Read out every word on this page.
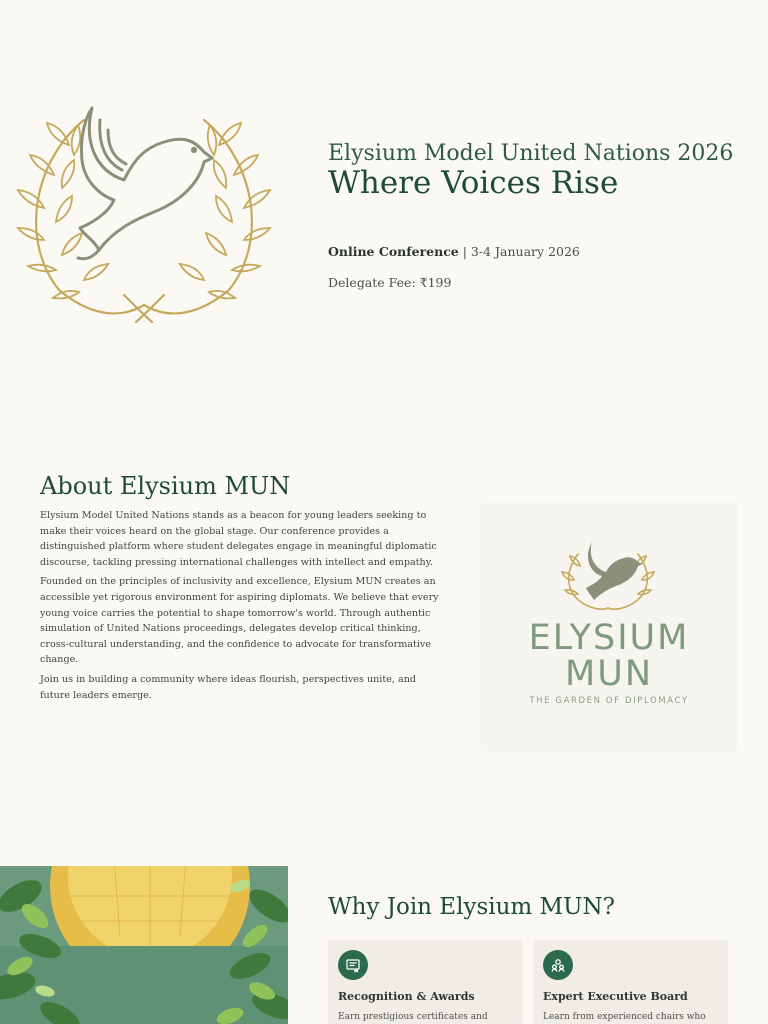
Elysium Model United Nations 2026
Where Voices Rise
Online Conference | 3-4 January 2026
Delegate Fee: ₹199
About Elysium MUN

Elysium Model United Nations stands as a beacon for young leaders seeking to make their voices heard on the global stage. Our conference provides a distinguished platform where student delegates engage in meaningful diplomatic discourse, tackling pressing international challenges with intellect and empathy.

Founded on the principles of inclusivity and excellence, Elysium MUN creates an accessible yet rigorous environment for aspiring diplomats. We believe that every young voice carries the potential to shape tomorrow's world. Through authentic simulation of United Nations proceedings, delegates develop critical thinking, cross-cultural understanding, and the confidence to advocate for transformative change.

Join us in building a community where ideas flourish, perspectives unite, and future leaders emerge.

ELYSIUM
MUN
THE GARDEN OF DIPLOMACY
Why Join Elysium MUN?
Recognition & Awards
Earn prestigious certificates and
Expert Executive Board
Learn from experienced chairs who
